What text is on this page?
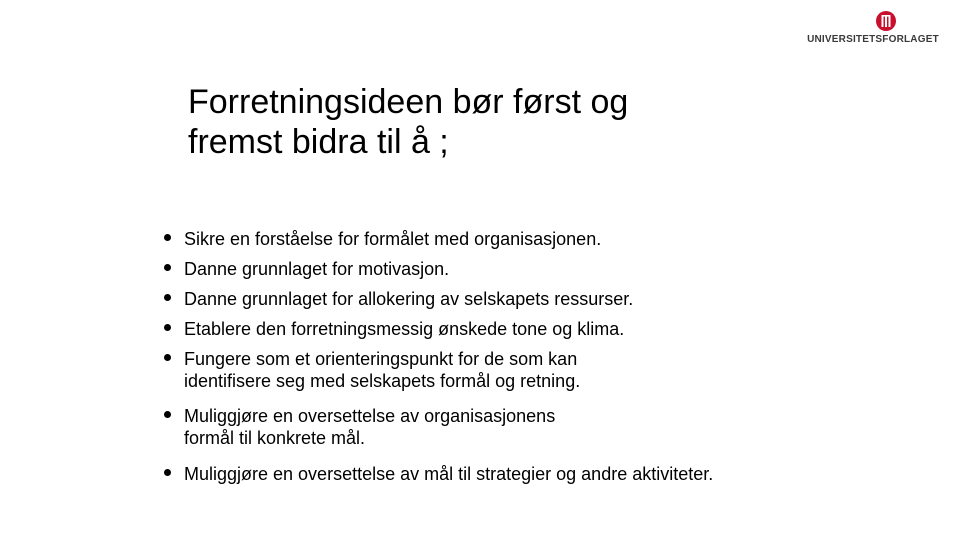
UNIVERSITETSFORLAGET
Forretningsideen bør først og
fremst bidra til å ;
Sikre en forståelse for formålet med organisasjonen.
Danne grunnlaget for motivasjon.
Danne grunnlaget for allokering av selskapets ressurser.
Etablere den forretningsmessig ønskede tone og klima.
Fungere som et orienteringspunkt for de som kan
identifisere seg med selskapets formål og retning.
Muliggjøre en oversettelse av organisasjonens
formål til konkrete mål.
Muliggjøre en oversettelse av mål til strategier og andre aktiviteter.
